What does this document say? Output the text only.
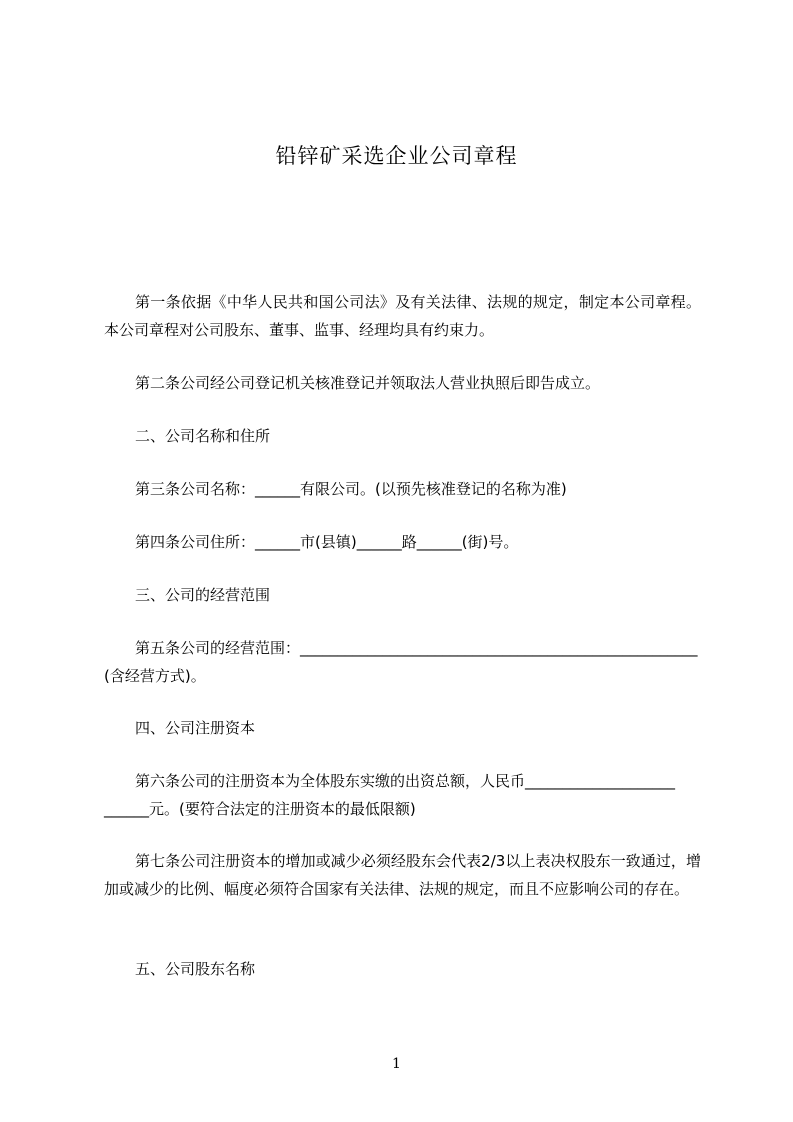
铅锌矿采选企业公司章程

第一条依据《中华人民共和国公司法》及有关法律、法规的规定，制定本公司章程。本公司章程对公司股东、董事、监事、经理均具有约束力。

第二条公司经公司登记机关核准登记并领取法人营业执照后即告成立。

二、公司名称和住所

第三条公司名称：______有限公司。(以预先核准登记的名称为准)

第四条公司住所：______市(县镇)______路______(街)号。

三、公司的经营范围

第五条公司的经营范围：_____________________________________________________

(含经营方式)。

四、公司注册资本

第六条公司的注册资本为全体股东实缴的出资总额，人民币____________________

______元。(要符合法定的注册资本的最低限额)

第七条公司注册资本的增加或减少必须经股东会代表2/3以上表决权股东一致通过，增加或减少的比例、幅度必须符合国家有关法律、法规的规定，而且不应影响公司的存在。

五、公司股东名称

1
